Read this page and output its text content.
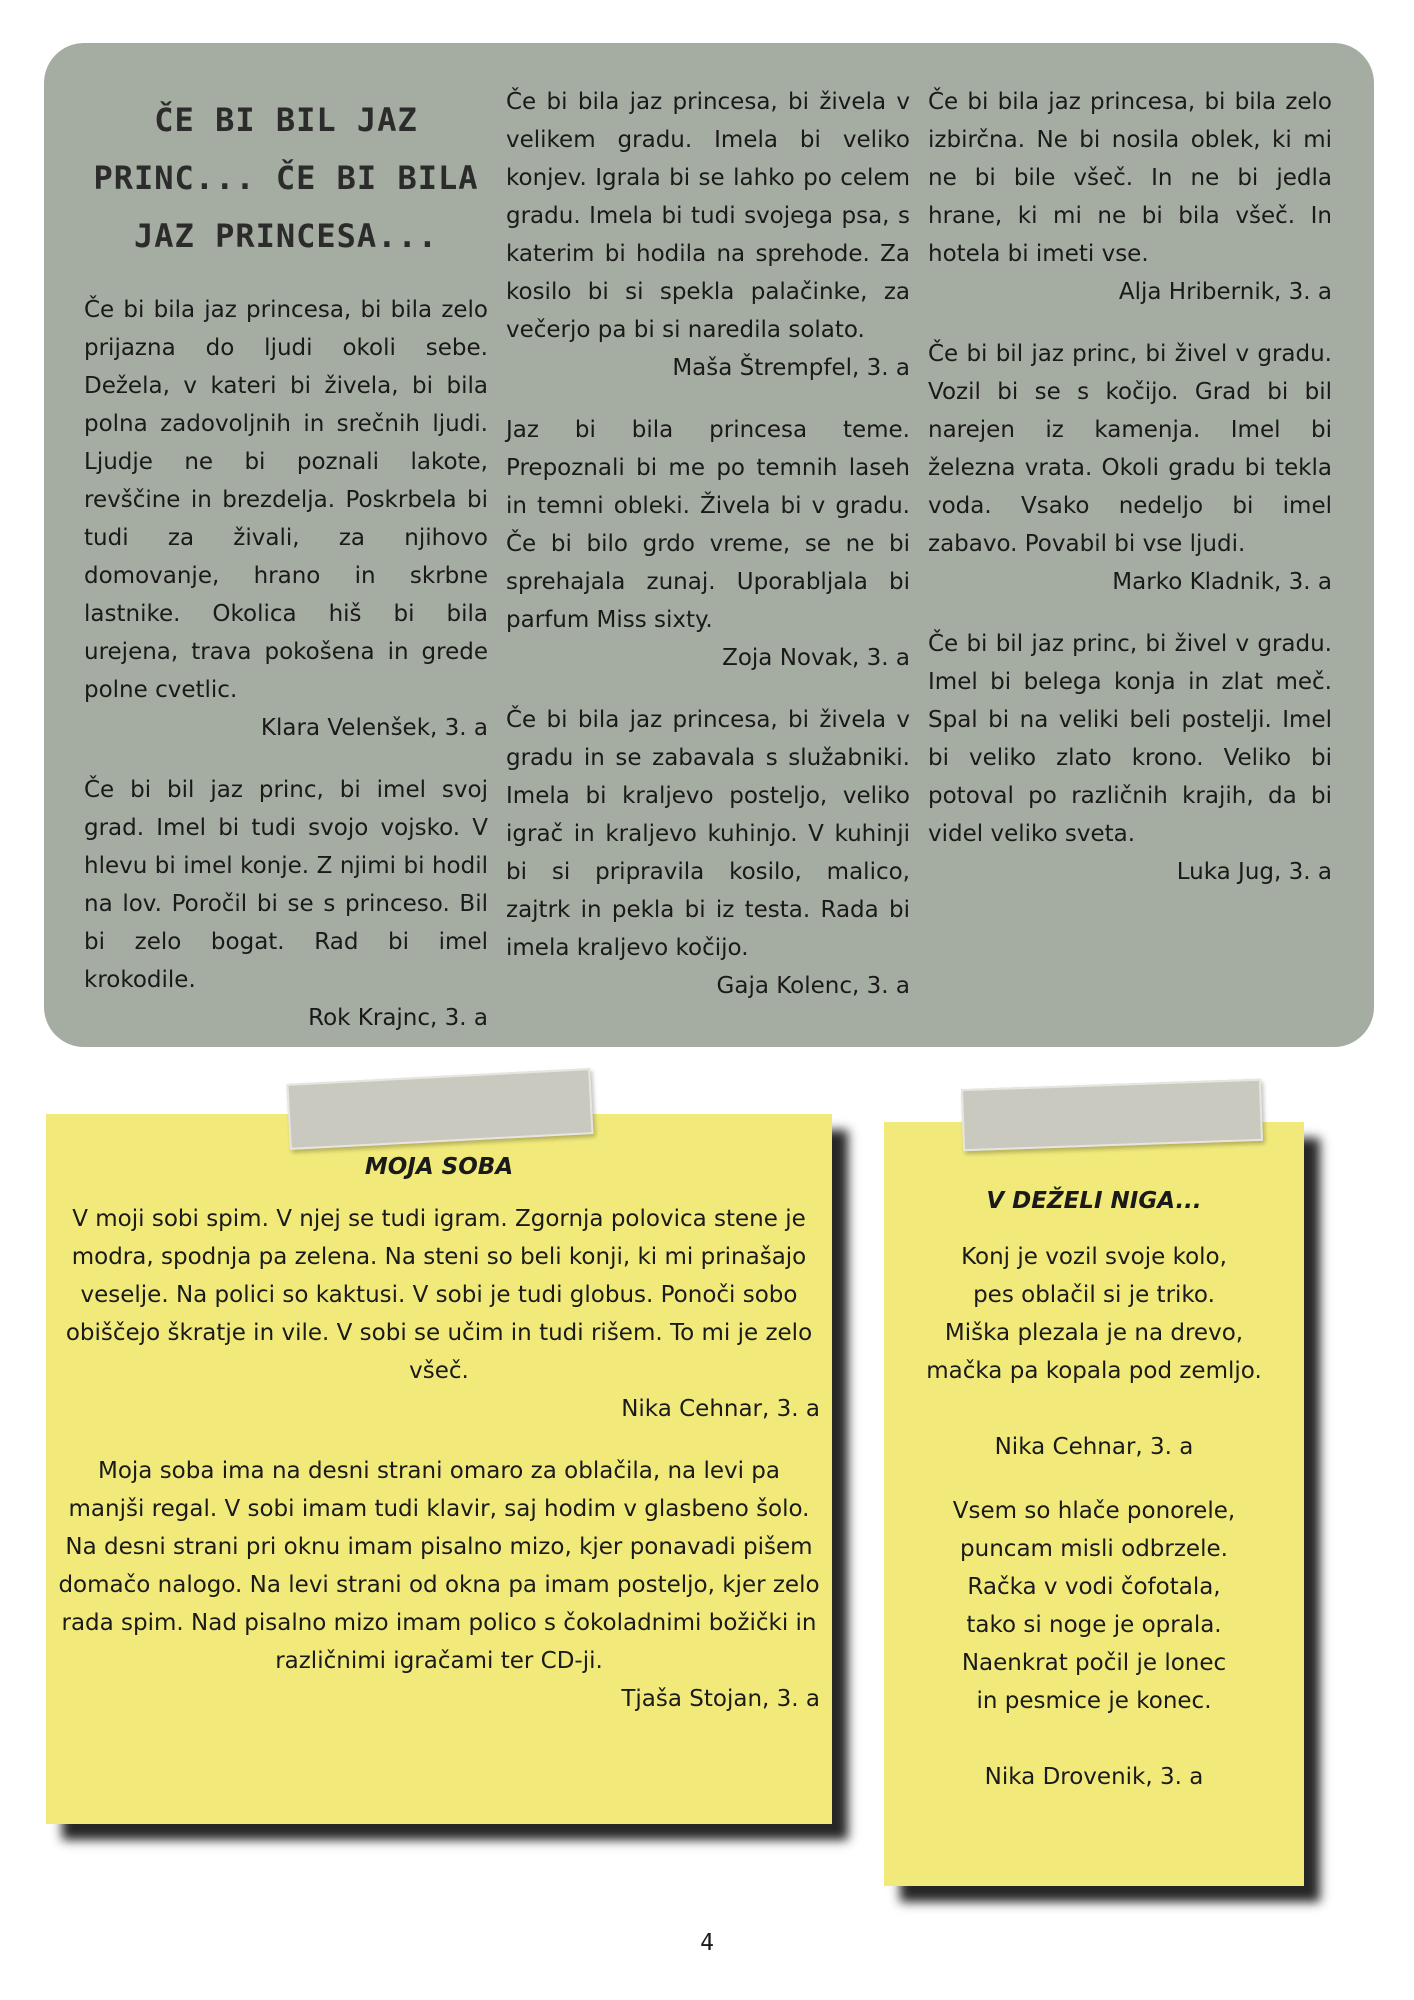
ČE BI BIL JAZ
PRINC... ČE BI BILA
JAZ PRINCESA...

Če bi bila jaz princesa, bi bila zelo prijazna do ljudi okoli sebe. Dežela, v kateri bi živela, bi bila polna zadovoljnih in srečnih ljudi. Ljudje ne bi poznali lakote, revščine in brezdelja. Poskrbela bi tudi za živali, za njihovo domovanje, hrano in skrbne lastnike. Okolica hiš bi bila urejena, trava pokošena in grede polne cvetlic.

Klara Velenšek, 3. a

Če bi bil jaz princ, bi imel svoj grad. Imel bi tudi svojo vojsko. V hlevu bi imel konje. Z njimi bi hodil na lov. Poročil bi se s princeso. Bil bi zelo bogat. Rad bi imel krokodile.

Rok Krajnc, 3. a

Če bi bila jaz princesa, bi živela v velikem gradu. Imela bi veliko konjev. Igrala bi se lahko po celem gradu. Imela bi tudi svojega psa, s katerim bi hodila na sprehode. Za kosilo bi si spekla palačinke, za večerjo pa bi si naredila solato.

Maša Štrempfel, 3. a

Jaz bi bila princesa teme. Prepoznali bi me po temnih laseh in temni obleki. Živela bi v gradu. Če bi bilo grdo vreme, se ne bi sprehajala zunaj. Uporabljala bi parfum Miss sixty.

Zoja Novak, 3. a

Če bi bila jaz princesa, bi živela v gradu in se zabavala s služabniki. Imela bi kraljevo posteljo, veliko igrač in kraljevo kuhinjo. V kuhinji bi si pripravila kosilo, malico, zajtrk in pekla bi iz testa. Rada bi imela kraljevo kočijo.

Gaja Kolenc, 3. a

Če bi bila jaz princesa, bi bila zelo izbirčna. Ne bi nosila oblek, ki mi ne bi bile všeč. In ne bi jedla hrane, ki mi ne bi bila všeč. In hotela bi imeti vse.

Alja Hribernik, 3. a

Če bi bil jaz princ, bi živel v gradu. Vozil bi se s kočijo. Grad bi bil narejen iz kamenja. Imel bi železna vrata. Okoli gradu bi tekla voda. Vsako nedeljo bi imel zabavo. Povabil bi vse ljudi.

Marko Kladnik, 3. a

Če bi bil jaz princ, bi živel v gradu. Imel bi belega konja in zlat meč. Spal bi na veliki beli postelji. Imel bi veliko zlato krono. Veliko bi potoval po različnih krajih, da bi videl veliko sveta.

Luka Jug, 3. a

MOJA SOBA

V moji sobi spim. V njej se tudi igram. Zgornja polovica stene je modra, spodnja pa zelena. Na steni so beli konji, ki mi prinašajo veselje. Na polici so kaktusi. V sobi je tudi globus. Ponoči sobo obiščejo škratje in vile. V sobi se učim in tudi rišem. To mi je zelo všeč.

Nika Cehnar, 3. a

Moja soba ima na desni strani omaro za oblačila, na levi pa manjši regal. V sobi imam tudi klavir, saj hodim v glasbeno šolo. Na desni strani pri oknu imam pisalno mizo, kjer ponavadi pišem domačo nalogo. Na levi strani od okna pa imam posteljo, kjer zelo rada spim. Nad pisalno mizo imam polico s čokoladnimi božički in različnimi igračami ter CD-ji.

Tjaša Stojan, 3. a

V DEŽELI NIGA...

Konj je vozil svoje kolo,

pes oblačil si je triko.

Miška plezala je na drevo,

mačka pa kopala pod zemljo.

Nika Cehnar, 3. a

Vsem so hlače ponorele,

puncam misli odbrzele.

Račka v vodi čofotala,

tako si noge je oprala.

Naenkrat počil je lonec

in pesmice je konec.

Nika Drovenik, 3. a

4
